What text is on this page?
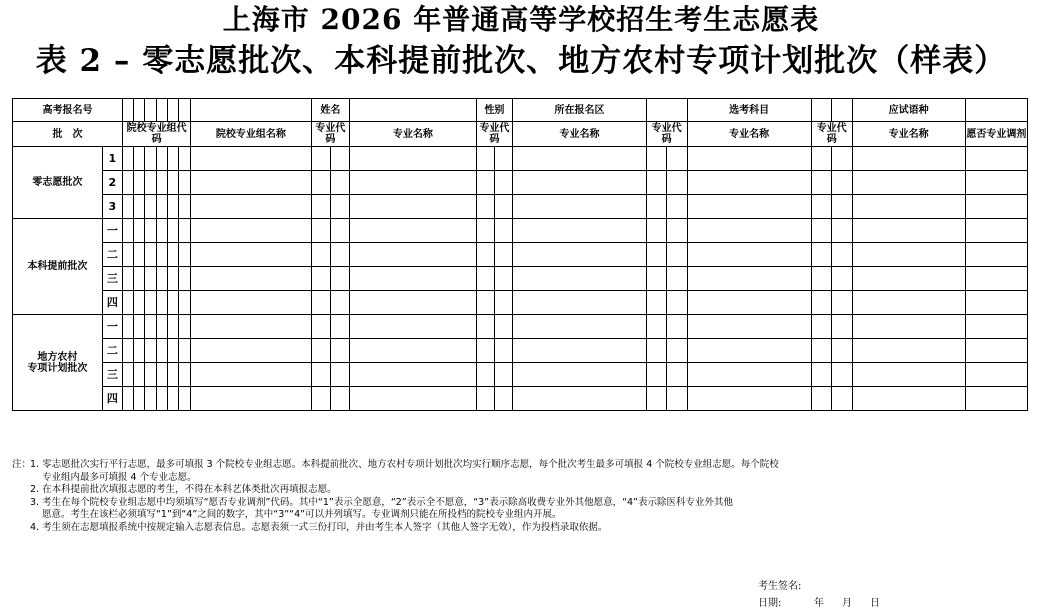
上海市 2026 年普通高等学校招生考生志愿表
表 2 – 零志愿批次、本科提前批次、地方农村专项计划批次（样表）
高考报名号									姓名			性别		所在报名区			选考科目			应试语种	
批　次		院校专业组代码						院校专业组名称	专业代码		专业名称	专业代码		专业名称	专业代码		专业名称	专业代码		专业名称	愿否专业调剂
零志愿批次	1																				
	2																				
	3																				
本科提前批次	一																				
	二																				
	三																				
	四																				
地方农村
专项计划批次	一																				
	二																				
	三																				
	四																				
注：
1. 零志愿批次实行平行志愿，最多可填报 3 个院校专业组志愿。本科提前批次、地方农村专项计划批次均实行顺序志愿，每个批次考生最多可填报 4 个院校专业组志愿。每个院校
专业组内最多可填报 4 个专业志愿。
2. 在本科提前批次填报志愿的考生，不得在本科艺体类批次再填报志愿。
3. 考生在每个院校专业组志愿中均须填写“愿否专业调剂”代码。其中“1”表示全愿意，“2”表示全不愿意，“3”表示除高收费专业外其他愿意，“4”表示除医科专业外其他
愿意。考生在该栏必须填写“1”到“4”之间的数字，其中“3”“4”可以并列填写。专业调剂只能在所投档的院校专业组内开展。
4. 考生须在志愿填报系统中按规定输入志愿表信息。志愿表须一式三份打印，并由考生本人签字（其他人签字无效），作为投档录取依据。
考生签名:
日期:	年 月 日
